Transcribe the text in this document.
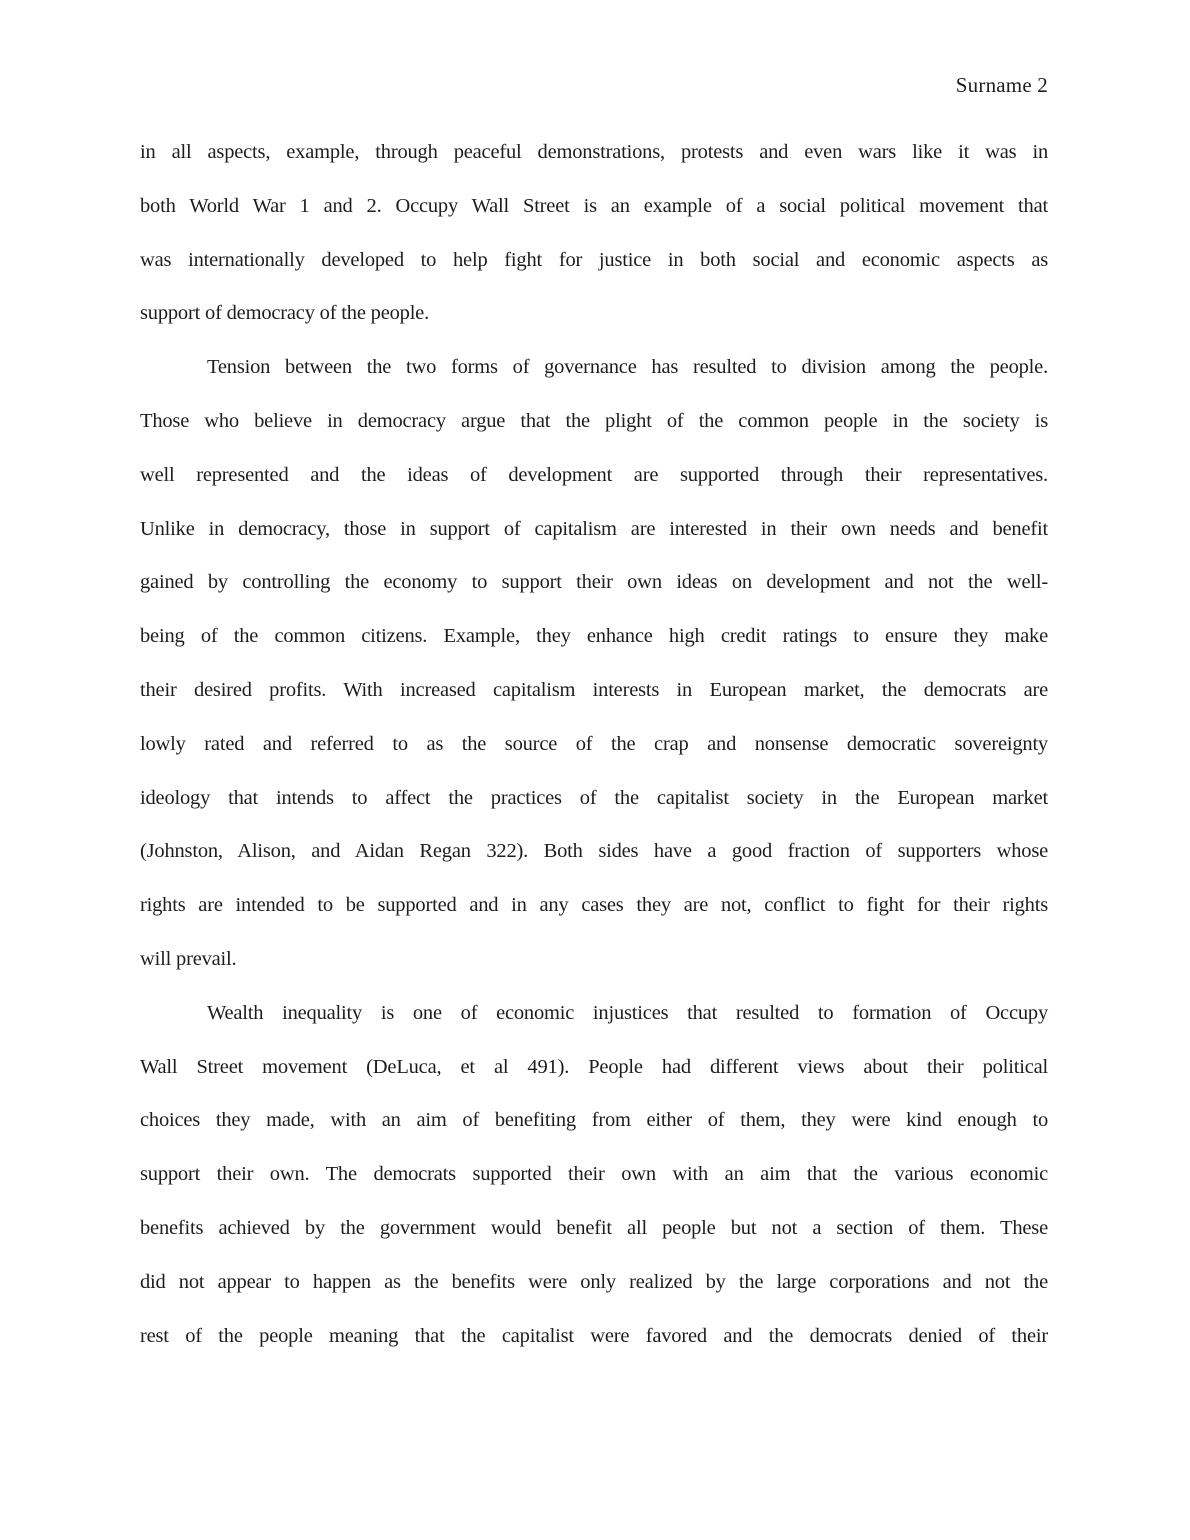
Surname 2
in all aspects, example, through peaceful demonstrations, protests and even wars like it was in
both World War 1 and 2. Occupy Wall Street is an example of a social political movement that
was internationally developed to help fight for justice in both social and economic aspects as
support of democracy of the people.
Tension between the two forms of governance has resulted to division among the people.
Those who believe in democracy argue that the plight of the common people in the society is
well represented and the ideas of development are supported through their representatives.
Unlike in democracy, those in support of capitalism are interested in their own needs and benefit
gained by controlling the economy to support their own ideas on development and not the well-
being of the common citizens. Example, they enhance high credit ratings to ensure they make
their desired profits. With increased capitalism interests in European market, the democrats are
lowly rated and referred to as the source of the crap and nonsense democratic sovereignty
ideology that intends to affect the practices of the capitalist society in the European market
(Johnston, Alison, and Aidan Regan 322). Both sides have a good fraction of supporters whose
rights are intended to be supported and in any cases they are not, conflict to fight for their rights
will prevail.
Wealth inequality is one of economic injustices that resulted to formation of Occupy
Wall Street movement (DeLuca, et al 491). People had different views about their political
choices they made, with an aim of benefiting from either of them, they were kind enough to
support their own. The democrats supported their own with an aim that the various economic
benefits achieved by the government would benefit all people but not a section of them. These
did not appear to happen as the benefits were only realized by the large corporations and not the
rest of the people meaning that the capitalist were favored and the democrats denied of their
